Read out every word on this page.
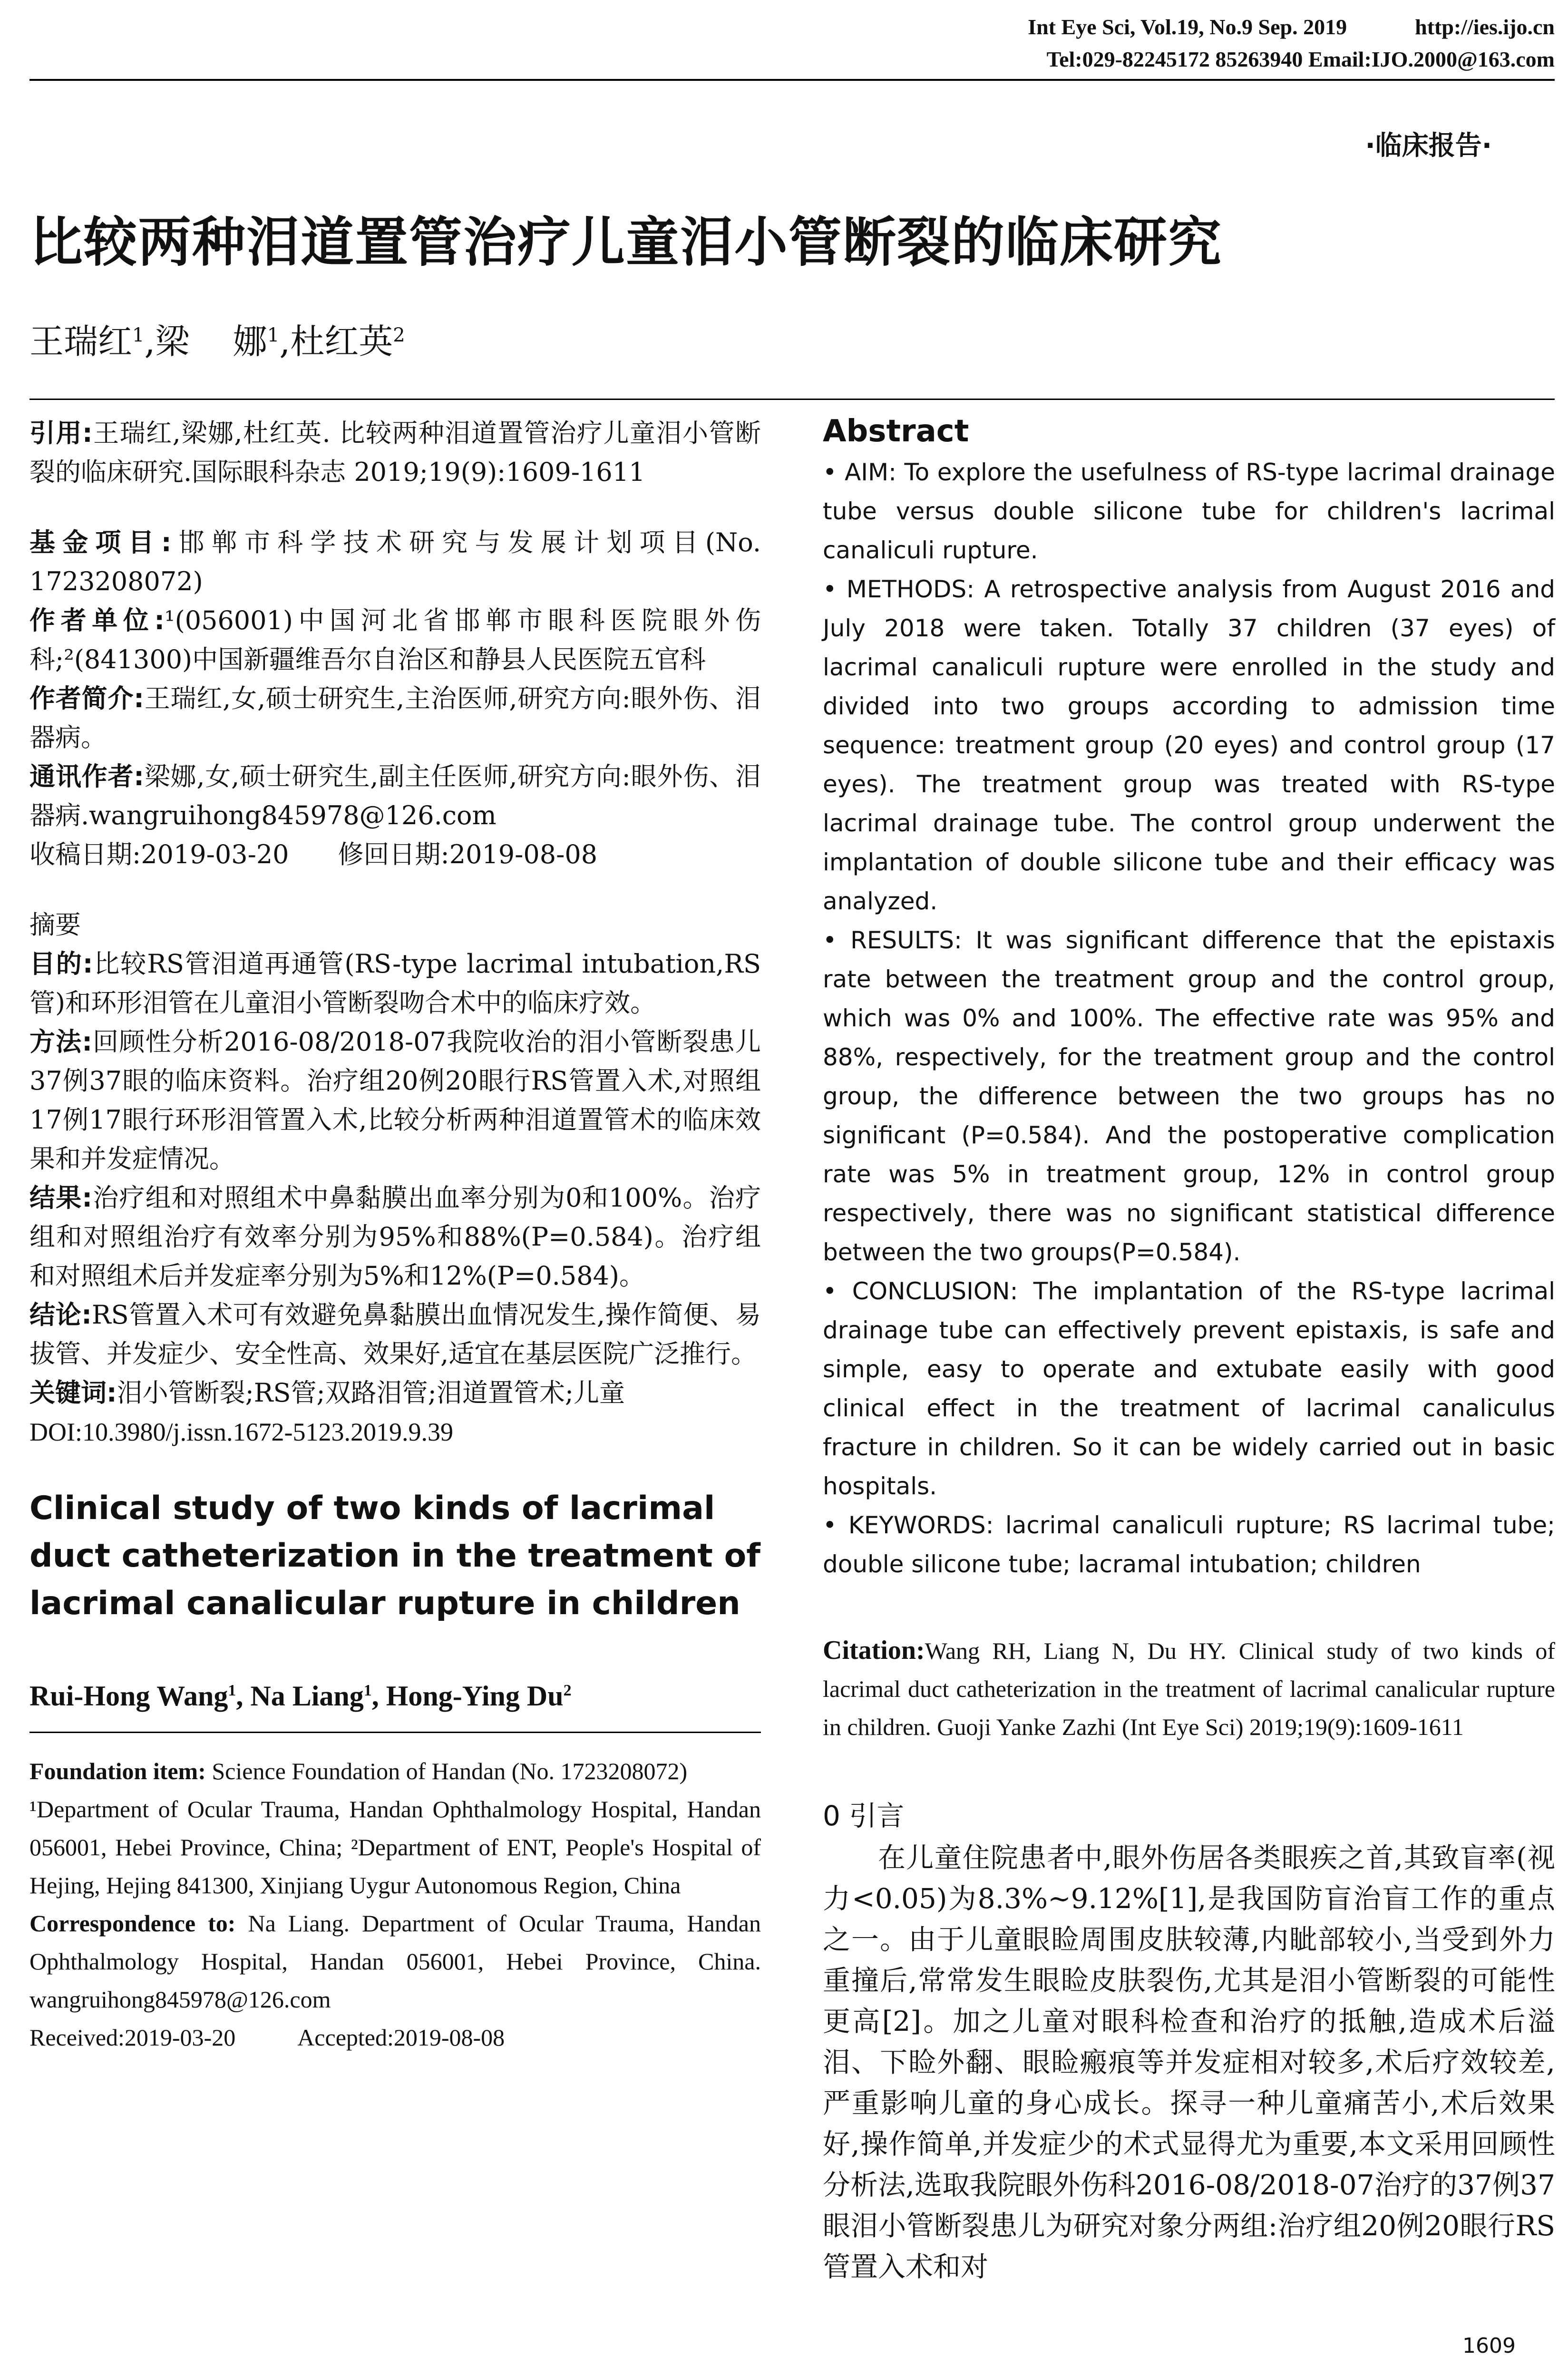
Int Eye Sci, Vol.19, No.9 Sep. 2019	http://ies.ijo.cn
Tel:029-82245172 85263940 Email:IJO.2000@163.com
·临床报告·
比较两种泪道置管治疗儿童泪小管断裂的临床研究
王瑞红$^1$,梁    娜$^1$,杜红英$^2$

引用:王瑞红,梁娜,杜红英. 比较两种泪道置管治疗儿童泪小管断裂的临床研究.国际眼科杂志 2019;19(9):1609-1611

基金项目:邯郸市科学技术研究与发展计划项目(No. 1723208072)

作者单位:¹(056001)中国河北省邯郸市眼科医院眼外伤科;²(841300)中国新疆维吾尔自治区和静县人民医院五官科

作者简介:王瑞红,女,硕士研究生,主治医师,研究方向:眼外伤、泪器病。

通讯作者:梁娜,女,硕士研究生,副主任医师,研究方向:眼外伤、泪器病.wangruihong845978@126.com

收稿日期:2019-03-20      修回日期:2019-08-08

摘要

目的:比较RS管泪道再通管(RS-type lacrimal intubation,RS管)和环形泪管在儿童泪小管断裂吻合术中的临床疗效。

方法:回顾性分析2016-08/2018-07我院收治的泪小管断裂患儿37例37眼的临床资料。治疗组20例20眼行RS管置入术,对照组17例17眼行环形泪管置入术,比较分析两种泪道置管术的临床效果和并发症情况。

结果:治疗组和对照组术中鼻黏膜出血率分别为0和100%。治疗组和对照组治疗有效率分别为95%和88%(P=0.584)。治疗组和对照组术后并发症率分别为5%和12%(P=0.584)。

结论:RS管置入术可有效避免鼻黏膜出血情况发生,操作简便、易拔管、并发症少、安全性高、效果好,适宜在基层医院广泛推行。

关键词:泪小管断裂;RS管;双路泪管;泪道置管术;儿童

DOI:10.3980/j.issn.1672-5123.2019.9.39

Clinical study of two kinds of lacrimal duct catheterization in the treatment of lacrimal canalicular rupture in children
Rui-Hong Wang$^1$, Na Liang$^1$, Hong-Ying Du$^2$

Foundation item: Science Foundation of Handan (No. 1723208072)

¹Department of Ocular Trauma, Handan Ophthalmology Hospital, Handan 056001, Hebei Province, China; ²Department of ENT, People's Hospital of Hejing, Hejing 841300, Xinjiang Uygur Autonomous Region, China

Correspondence to: Na Liang. Department of Ocular Trauma, Handan Ophthalmology Hospital, Handan 056001, Hebei Province, China. wangruihong845978@126.com

Received:2019-03-20	Accepted:2019-08-08

Abstract

• AIM: To explore the usefulness of RS-type lacrimal drainage tube versus double silicone tube for children's lacrimal canaliculi rupture.

• METHODS: A retrospective analysis from August 2016 and July 2018 were taken. Totally 37 children (37 eyes) of lacrimal canaliculi rupture were enrolled in the study and divided into two groups according to admission time sequence: treatment group (20 eyes) and control group (17 eyes). The treatment group was treated with RS-type lacrimal drainage tube. The control group underwent the implantation of double silicone tube and their efficacy was analyzed.

• RESULTS: It was significant difference that the epistaxis rate between the treatment group and the control group, which was 0% and 100%. The effective rate was 95% and 88%, respectively, for the treatment group and the control group, the difference between the two groups has no significant (P=0.584). And the postoperative complication rate was 5% in treatment group, 12% in control group respectively, there was no significant statistical difference between the two groups(P=0.584).

• CONCLUSION: The implantation of the RS-type lacrimal drainage tube can effectively prevent epistaxis, is safe and simple, easy to operate and extubate easily with good clinical effect in the treatment of lacrimal canaliculus fracture in children. So it can be widely carried out in basic hospitals.

• KEYWORDS: lacrimal canaliculi rupture; RS lacrimal tube; double silicone tube; lacramal intubation; children

Citation:Wang RH, Liang N, Du HY. Clinical study of two kinds of lacrimal duct catheterization in the treatment of lacrimal canalicular rupture in children. Guoji Yanke Zazhi (Int Eye Sci) 2019;19(9):1609-1611
0 引言
在儿童住院患者中,眼外伤居各类眼疾之首,其致盲率(视力<0.05)为8.3%~9.12%[1],是我国防盲治盲工作的重点之一。由于儿童眼睑周围皮肤较薄,内眦部较小,当受到外力重撞后,常常发生眼睑皮肤裂伤,尤其是泪小管断裂的可能性更高[2]。加之儿童对眼科检查和治疗的抵触,造成术后溢泪、下睑外翻、眼睑瘢痕等并发症相对较多,术后疗效较差,严重影响儿童的身心成长。探寻一种儿童痛苦小,术后效果好,操作简单,并发症少的术式显得尤为重要,本文采用回顾性分析法,选取我院眼外伤科2016-08/2018-07治疗的37例37眼泪小管断裂患儿为研究对象分两组:治疗组20例20眼行RS管置入术和对
1609
